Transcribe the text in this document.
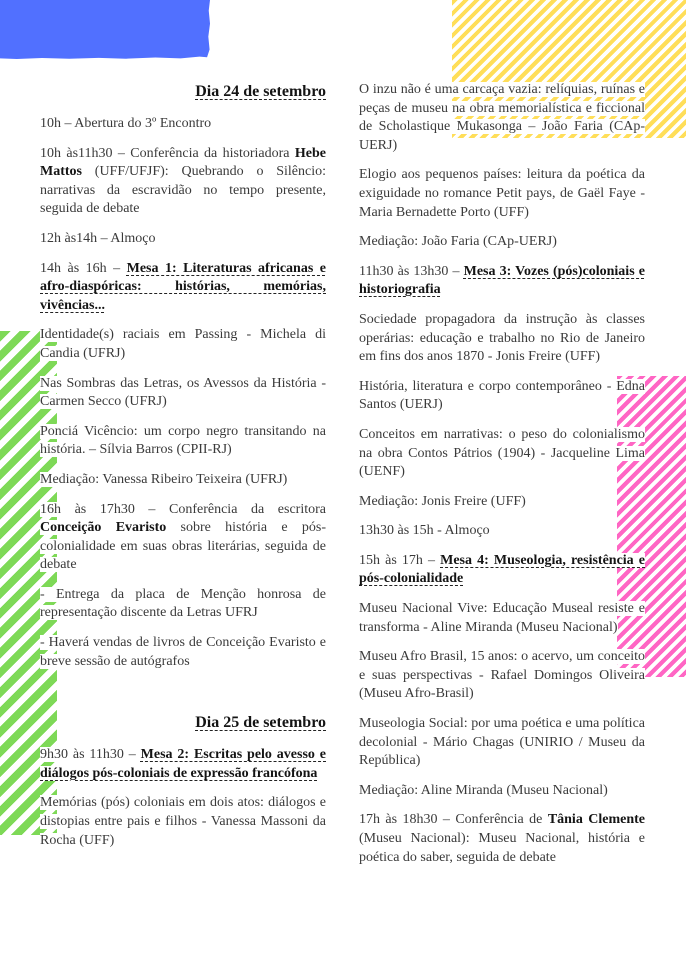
Dia 24 de setembro

10h – Abertura do 3º Encontro

10h às11h30 – Conferência da historiadora Hebe Mattos (UFF/UFJF): Quebrando o Silêncio: narrativas da escravidão no tempo presente, seguida de debate

12h às14h – Almoço

14h às 16h – Mesa 1: Literaturas africanas e afro-diaspóricas: histórias, memórias, vivências...

Identidade(s) raciais em Passing - Michela di Candia (UFRJ)

Nas Sombras das Letras, os Avessos da História - Carmen Secco (UFRJ)

Ponciá Vicêncio: um corpo negro transitando na história. – Sílvia Barros (CPII-RJ)

Mediação: Vanessa Ribeiro Teixeira (UFRJ)

16h às 17h30 – Conferência da escritora Conceição Evaristo sobre história e pós-colonialidade em suas obras literárias, seguida de debate

- Entrega da placa de Menção honrosa de representação discente da Letras UFRJ

- Haverá vendas de livros de Conceição Evaristo e breve sessão de autógrafos

Dia 25 de setembro

9h30 às 11h30 – Mesa 2: Escritas pelo avesso e diálogos pós-coloniais de expressão francófona

Memórias (pós) coloniais em dois atos: diálogos e distopias entre pais e filhos - Vanessa Massoni da Rocha (UFF)

O inzu não é uma carcaça vazia: relíquias, ruínas e peças de museu na obra memorialística e ficcional de Scholastique Mukasonga – João Faria (CAp-UERJ)

Elogio aos pequenos países: leitura da poética da exiguidade no romance Petit pays, de Gaël Faye - Maria Bernadette Porto (UFF)

Mediação: João Faria (CAp-UERJ)

11h30 às 13h30 – Mesa 3: Vozes (pós)coloniais e historiografia

Sociedade propagadora da instrução às classes operárias: educação e trabalho no Rio de Janeiro em fins dos anos 1870 - Jonis Freire (UFF)

História, literatura e corpo contemporâneo - Edna Santos (UERJ)

Conceitos em narrativas: o peso do colonialismo na obra Contos Pátrios (1904) - Jacqueline Lima (UENF)

Mediação: Jonis Freire (UFF)

13h30 às 15h - Almoço

15h às 17h – Mesa 4: Museologia, resistência e pós-colonialidade

Museu Nacional Vive: Educação Museal resiste e transforma - Aline Miranda (Museu Nacional)

Museu Afro Brasil, 15 anos: o acervo, um conceito e suas perspectivas - Rafael Domingos Oliveira (Museu Afro-Brasil)

Museologia Social: por uma poética e uma política decolonial - Mário Chagas (UNIRIO / Museu da República)

Mediação: Aline Miranda (Museu Nacional)

17h às 18h30 – Conferência de Tânia Clemente (Museu Nacional): Museu Nacional, história e poética do saber, seguida de debate
